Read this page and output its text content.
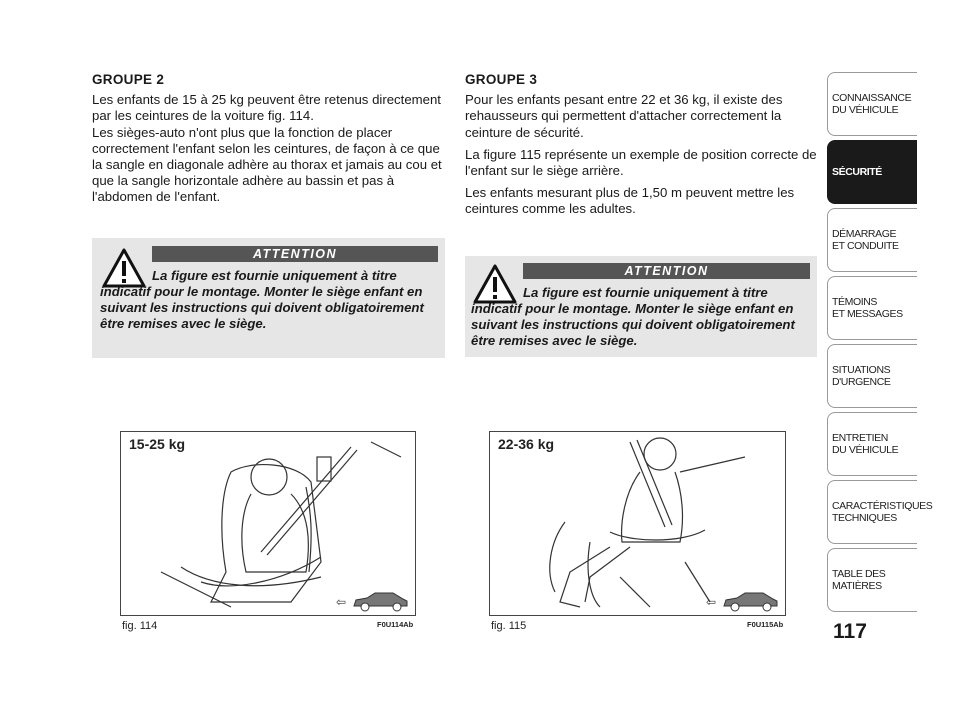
GROUPE 2

Les enfants de 15 à 25 kg peuvent être retenus directement par les ceintures de la voiture fig. 114.
Les sièges-auto n'ont plus que la fonction de placer correctement l'enfant selon les ceintures, de façon à ce que la sangle en diagonale adhère au thorax et jamais au cou et que la sangle horizontale adhère au bassin et pas à l'abdomen de l'enfant.

ATTENTION
La figure est fournie uniquement à titre indicatif pour le montage. Monter le siège enfant en suivant les instructions qui doivent obligatoirement être remises avec le siège.
15-25 kg
⇦
fig. 114	F0U114Ab
GROUPE 3

Pour les enfants pesant entre 22 et 36 kg, il existe des rehausseurs qui permettent d'attacher correctement la ceinture de sécurité.

La figure 115 représente un exemple de position correcte de l'enfant sur le siège arrière.

Les enfants mesurant plus de 1,50 m peuvent mettre les ceintures comme les adultes.

ATTENTION
La figure est fournie uniquement à titre indicatif pour le montage. Monter le siège enfant en suivant les instructions qui doivent obligatoirement être remises avec le siège.
22-36 kg
⇦
fig. 115	F0U115Ab
CONNAISSANCE
DU VÉHICULE
SÉCURITÉ
DÉMARRAGE
ET CONDUITE
TÉMOINS
ET MESSAGES
SITUATIONS
D'URGENCE
ENTRETIEN
DU VÉHICULE
CARACTÉRISTIQUES
TECHNIQUES
TABLE DES
MATIÈRES
117
